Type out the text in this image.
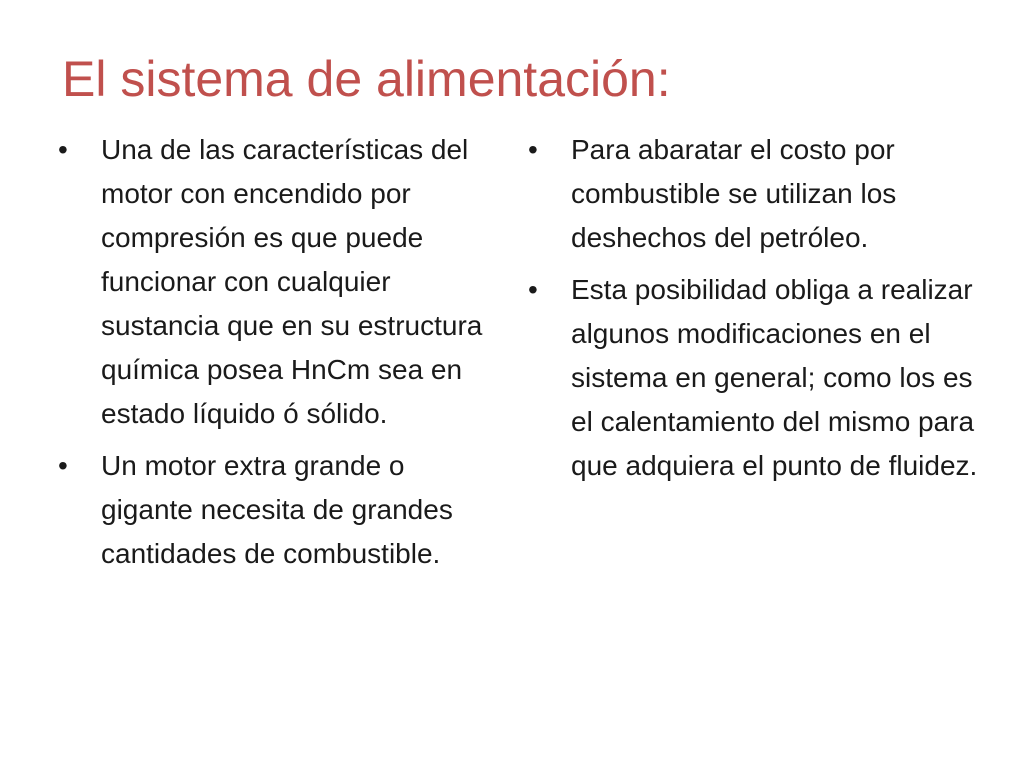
El sistema de alimentación:
• Una de las características del motor con encendido por compresión es que puede funcionar con cualquier sustancia que en su estructura química posea HnCm sea en estado líquido ó sólido.
• Un motor extra grande o gigante necesita de grandes cantidades de combustible.
• Para abaratar el costo por combustible se utilizan los deshechos del petróleo.
• Esta posibilidad obliga a realizar algunos modificaciones en el sistema en general; como los es el calentamiento del mismo para que adquiera el punto de fluidez.
